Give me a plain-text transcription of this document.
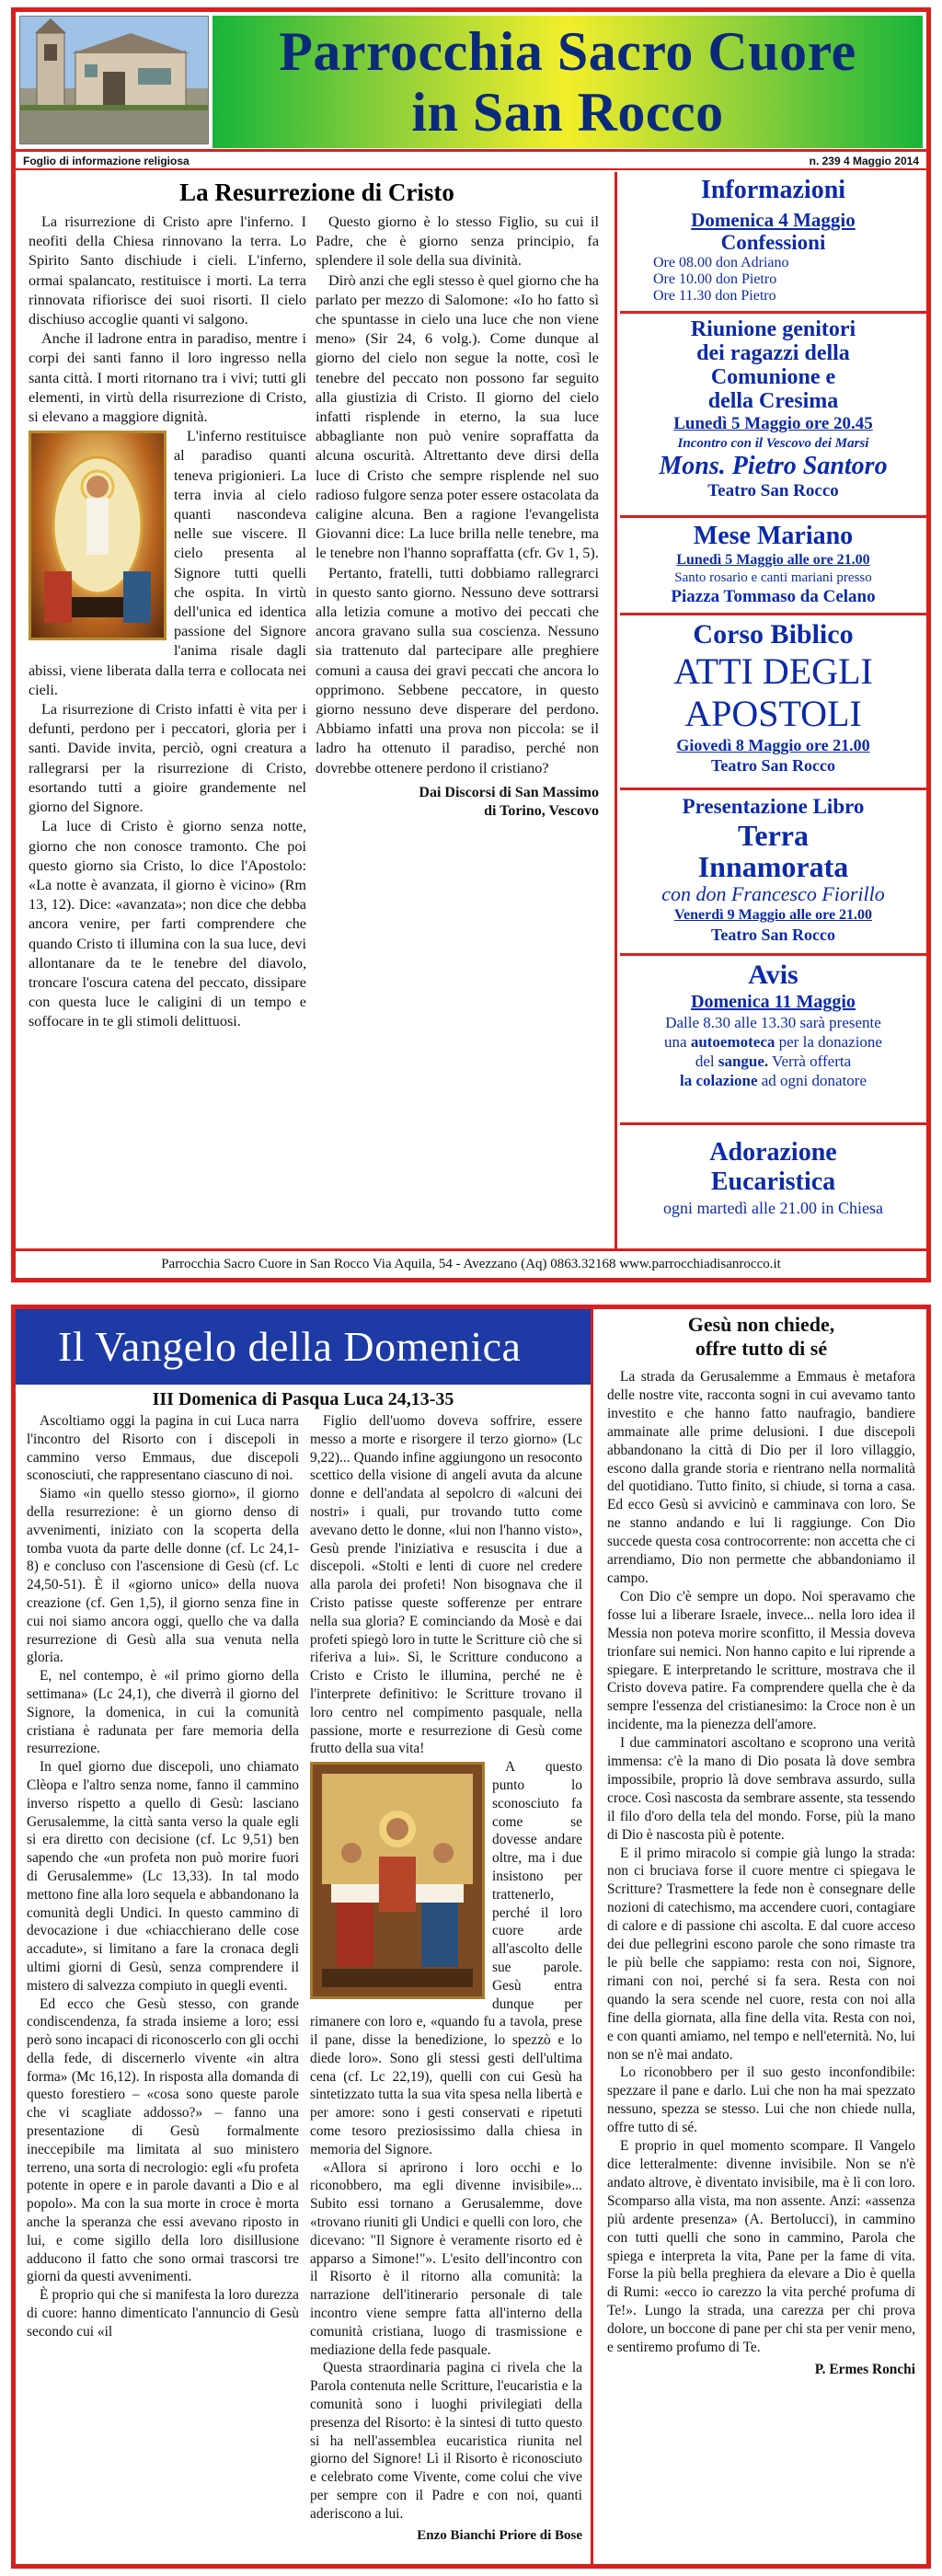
Parrocchia Sacro Cuore
in San Rocco
Foglio di informazione religiosa	n. 239 4 Maggio 2014
La Resurrezione di Cristo

La risurrezione di Cristo apre l'inferno. I neofiti della Chiesa rinnovano la terra. Lo Spirito Santo dischiude i cieli. L'inferno, ormai spalancato, restituisce i morti. La terra rinnovata rifiorisce dei suoi risorti. Il cielo dischiuso accoglie quanti vi salgono.

Anche il ladrone entra in paradiso, mentre i corpi dei santi fanno il loro ingresso nella santa città. I morti ritornano tra i vivi; tutti gli elementi, in virtù della risurrezione di Cristo, si elevano a maggiore dignità.

L'inferno restituisce al paradiso quanti teneva prigionieri. La terra invia al cielo quanti nascondeva nelle sue viscere. Il cielo presenta al Signore tutti quelli che ospita. In virtù dell'unica ed identica passione del Signore l'anima risale dagli abissi, viene liberata dalla terra e collocata nei cieli.

La risurrezione di Cristo infatti è vita per i defunti, perdono per i peccatori, gloria per i santi. Davide invita, perciò, ogni creatura a rallegrarsi per la risurrezione di Cristo, esortando tutti a gioire grandemente nel giorno del Signore.

La luce di Cristo è giorno senza notte, giorno che non conosce tramonto. Che poi questo giorno sia Cristo, lo dice l'Apostolo: «La notte è avanzata, il giorno è vicino» (Rm 13, 12). Dice: «avanzata»; non dice che debba ancora venire, per farti comprendere che quando Cristo ti illumina con la sua luce, devi allontanare da te le tenebre del diavolo, troncare l'oscura catena del peccato, dissipare con questa luce le caligini di un tempo e soffocare in te gli stimoli delittuosi.

Questo giorno è lo stesso Figlio, su cui il Padre, che è giorno senza principio, fa splendere il sole della sua divinità.

Dirò anzi che egli stesso è quel giorno che ha parlato per mezzo di Salomone: «Io ho fatto sì che spuntasse in cielo una luce che non viene meno» (Sir 24, 6 volg.). Come dunque al giorno del cielo non segue la notte, così le tenebre del peccato non possono far seguito alla giustizia di Cristo. Il giorno del cielo infatti risplende in eterno, la sua luce abbagliante non può venire sopraffatta da alcuna oscurità. Altrettanto deve dirsi della luce di Cristo che sempre risplende nel suo radioso fulgore senza poter essere ostacolata da caligine alcuna. Ben a ragione l'evangelista Giovanni dice: La luce brilla nelle tenebre, ma le tenebre non l'hanno sopraffatta (cfr. Gv 1, 5).

Pertanto, fratelli, tutti dobbiamo rallegrarci in questo santo giorno. Nessuno deve sottrarsi alla letizia comune a motivo dei peccati che ancora gravano sulla sua coscienza. Nessuno sia trattenuto dal partecipare alle preghiere comuni a causa dei gravi peccati che ancora lo opprimono. Sebbene peccatore, in questo giorno nessuno deve disperare del perdono. Abbiamo infatti una prova non piccola: se il ladro ha ottenuto il paradiso, perché non dovrebbe ottenere perdono il cristiano?

Dai Discorsi di San Massimo
di Torino, Vescovo
Informazioni
Domenica 4 Maggio
Confessioni
Ore 08.00 don Adriano
Ore 10.00 don Pietro
Ore 11.30 don Pietro
Riunione genitori
dei ragazzi della
Comunione e
della Cresima
Lunedì 5 Maggio ore 20.45
Incontro con il Vescovo dei Marsi
Mons. Pietro Santoro
Teatro San Rocco
Mese Mariano
Lunedì 5 Maggio alle ore 21.00
Santo rosario e canti mariani presso
Piazza Tommaso da Celano
Corso Biblico
ATTI DEGLI
APOSTOLI
Giovedì 8 Maggio ore 21.00
Teatro San Rocco
Presentazione Libro
Terra
Innamorata
con don Francesco Fiorillo
Venerdì 9 Maggio alle ore 21.00
Teatro San Rocco
Avis
Domenica 11 Maggio
Dalle 8.30 alle 13.30 sarà presente
una autoemoteca per la donazione
del sangue. Verrà offerta
la colazione ad ogni donatore
Adorazione
Eucaristica
ogni martedì alle 21.00 in Chiesa
Parrocchia Sacro Cuore in San Rocco Via Aquila, 54 - Avezzano (Aq) 0863.32168 www.parrocchiadisanrocco.it
Il Vangelo della Domenica
III Domenica di Pasqua Luca 24,13-35

Ascoltiamo oggi la pagina in cui Luca narra l'incontro del Risorto con i discepoli in cammino verso Emmaus, due discepoli sconosciuti, che rappresentano ciascuno di noi.

Siamo «in quello stesso giorno», il giorno della resurrezione: è un giorno denso di avvenimenti, iniziato con la scoperta della tomba vuota da parte delle donne (cf. Lc 24,1-8) e concluso con l'ascensione di Gesù (cf. Lc 24,50-51). È il «giorno unico» della nuova creazione (cf. Gen 1,5), il giorno senza fine in cui noi siamo ancora oggi, quello che va dalla resurrezione di Gesù alla sua venuta nella gloria.

E, nel contempo, è «il primo giorno della settimana» (Lc 24,1), che diverrà il giorno del Signore, la domenica, in cui la comunità cristiana è radunata per fare memoria della resurrezione.

In quel giorno due discepoli, uno chiamato Clèopa e l'altro senza nome, fanno il cammino inverso rispetto a quello di Gesù: lasciano Gerusalemme, la città santa verso la quale egli si era diretto con decisione (cf. Lc 9,51) ben sapendo che «un profeta non può morire fuori di Gerusalemme» (Lc 13,33). In tal modo mettono fine alla loro sequela e abbandonano la comunità degli Undici. In questo cammino di devocazione i due «chiacchierano delle cose accadute», si limitano a fare la cronaca degli ultimi giorni di Gesù, senza comprendere il mistero di salvezza compiuto in quegli eventi.

Ed ecco che Gesù stesso, con grande condiscendenza, fa strada insieme a loro; essi però sono incapaci di riconoscerlo con gli occhi della fede, di discernerlo vivente «in altra forma» (Mc 16,12). In risposta alla domanda di questo forestiero – «cosa sono queste parole che vi scagliate addosso?» – fanno una presentazione di Gesù formalmente ineccepibile ma limitata al suo ministero terreno, una sorta di necrologio: egli «fu profeta potente in opere e in parole davanti a Dio e al popolo». Ma con la sua morte in croce è morta anche la speranza che essi avevano riposto in lui, e come sigillo della loro disillusione adducono il fatto che sono ormai trascorsi tre giorni da questi avvenimenti.

È proprio qui che si manifesta la loro durezza di cuore: hanno dimenticato l'annuncio di Gesù secondo cui «il

Figlio dell'uomo doveva soffrire, essere messo a morte e risorgere il terzo giorno» (Lc 9,22)... Quando infine aggiungono un resoconto scettico della visione di angeli avuta da alcune donne e dell'andata al sepolcro di «alcuni dei nostri» i quali, pur trovando tutto come avevano detto le donne, «lui non l'hanno visto», Gesù prende l'iniziativa e resuscita i due a discepoli. «Stolti e lenti di cuore nel credere alla parola dei profeti! Non bisognava che il Cristo patisse queste sofferenze per entrare nella sua gloria? E cominciando da Mosè e dai profeti spiegò loro in tutte le Scritture ciò che si riferiva a lui». Sì, le Scritture conducono a Cristo e Cristo le illumina, perché ne è l'interprete definitivo: le Scritture trovano il loro centro nel compimento pasquale, nella passione, morte e resurrezione di Gesù come frutto della sua vita!

A questo punto lo sconosciuto fa come se dovesse andare oltre, ma i due insistono per trattenerlo, perché il loro cuore arde all'ascolto delle sue parole. Gesù entra dunque per rimanere con loro e, «quando fu a tavola, prese il pane, disse la benedizione, lo spezzò e lo diede loro». Sono gli stessi gesti dell'ultima cena (cf. Lc 22,19), quelli con cui Gesù ha sintetizzato tutta la sua vita spesa nella libertà e per amore: sono i gesti conservati e ripetuti come tesoro preziosissimo dalla chiesa in memoria del Signore.

«Allora si aprirono i loro occhi e lo riconobbero, ma egli divenne invisibile»... Subito essi tornano a Gerusalemme, dove «trovano riuniti gli Undici e quelli con loro, che dicevano: "Il Signore è veramente risorto ed è apparso a Simone!"». L'esito dell'incontro con il Risorto è il ritorno alla comunità: la narrazione dell'itinerario personale di tale incontro viene sempre fatta all'interno della comunità cristiana, luogo di trasmissione e mediazione della fede pasquale.

Questa straordinaria pagina ci rivela che la Parola contenuta nelle Scritture, l'eucaristia e la comunità sono i luoghi privilegiati della presenza del Risorto: è la sintesi di tutto questo si ha nell'assemblea eucaristica riunita nel giorno del Signore! Lì il Risorto è riconosciuto e celebrato come Vivente, come colui che vive per sempre con il Padre e con noi, quanti aderiscono a lui.

Enzo Bianchi Priore di Bose
Gesù non chiede,
offre tutto di sé

La strada da Gerusalemme a Emmaus è metafora delle nostre vite, racconta sogni in cui avevamo tanto investito e che hanno fatto naufragio, bandiere ammainate alle prime delusioni. I due discepoli abbandonano la città di Dio per il loro villaggio, escono dalla grande storia e rientrano nella normalità del quotidiano. Tutto finito, si chiude, si torna a casa. Ed ecco Gesù si avvicinò e camminava con loro. Se ne stanno andando e lui li raggiunge. Con Dio succede questa cosa controcorrente: non accetta che ci arrendiamo, Dio non permette che abbandoniamo il campo.

Con Dio c'è sempre un dopo. Noi speravamo che fosse lui a liberare Israele, invece... nella loro idea il Messia non poteva morire sconfitto, il Messia doveva trionfare sui nemici. Non hanno capito e lui riprende a spiegare. E interpretando le scritture, mostrava che il Cristo doveva patire. Fa comprendere quella che è da sempre l'essenza del cristianesimo: la Croce non è un incidente, ma la pienezza dell'amore.

I due camminatori ascoltano e scoprono una verità immensa: c'è la mano di Dio posata là dove sembra impossibile, proprio là dove sembrava assurdo, sulla croce. Così nascosta da sembrare assente, sta tessendo il filo d'oro della tela del mondo. Forse, più la mano di Dio è nascosta più è potente.

E il primo miracolo si compie già lungo la strada: non ci bruciava forse il cuore mentre ci spiegava le Scritture? Trasmettere la fede non è consegnare delle nozioni di catechismo, ma accendere cuori, contagiare di calore e di passione chi ascolta. E dal cuore acceso dei due pellegrini escono parole che sono rimaste tra le più belle che sappiamo: resta con noi, Signore, rimani con noi, perché si fa sera. Resta con noi quando la sera scende nel cuore, resta con noi alla fine della giornata, alla fine della vita. Resta con noi, e con quanti amiamo, nel tempo e nell'eternità. No, lui non se n'è mai andato.

Lo riconobbero per il suo gesto inconfondibile: spezzare il pane e darlo. Lui che non ha mai spezzato nessuno, spezza se stesso. Lui che non chiede nulla, offre tutto di sé.

E proprio in quel momento scompare. Il Vangelo dice letteralmente: divenne invisibile. Non se n'è andato altrove, è diventato invisibile, ma è lì con loro. Scomparso alla vista, ma non assente. Anzi: «assenza più ardente presenza» (A. Bertolucci), in cammino con tutti quelli che sono in cammino, Parola che spiega e interpreta la vita, Pane per la fame di vita. Forse la più bella preghiera da elevare a Dio è quella di Rumi: «ecco io carezzo la vita perché profuma di Te!». Lungo la strada, una carezza per chi prova dolore, un boccone di pane per chi sta per venir meno, e sentiremo profumo di Te.

P. Ermes Ronchi
